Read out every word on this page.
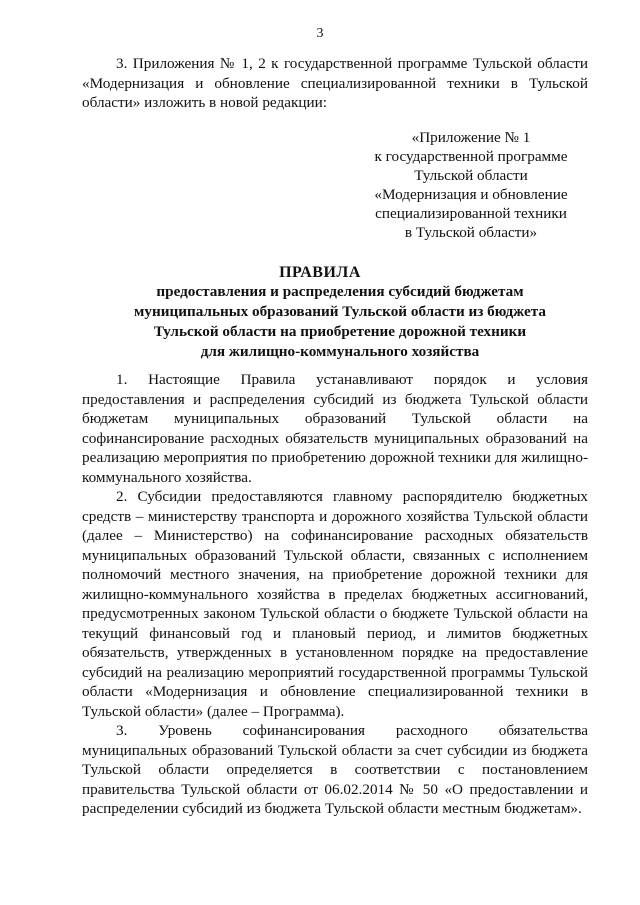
3

3. Приложения № 1, 2 к государственной программе Тульской области «Модернизация и обновление специализированной техники в Тульской области» изложить в новой редакции:

«Приложение № 1
к государственной программе
Тульской области
«Модернизация и обновление
специализированной техники
в Тульской области»
ПРАВИЛА
предоставления и распределения субсидий бюджетам
муниципальных образований Тульской области из бюджета
Тульской области на приобретение дорожной техники
для жилищно-коммунального хозяйства

1. Настоящие Правила устанавливают порядок и условия предоставления и распределения субсидий из бюджета Тульской области бюджетам муниципальных образований Тульской области на софинансирование расходных обязательств муниципальных образований на реализацию мероприятия по приобретению дорожной техники для жилищно-коммунального хозяйства.

2. Субсидии предоставляются главному распорядителю бюджетных средств – министерству транспорта и дорожного хозяйства Тульской области (далее – Министерство) на софинансирование расходных обязательств муниципальных образований Тульской области, связанных с исполнением полномочий местного значения, на приобретение дорожной техники для жилищно-коммунального хозяйства в пределах бюджетных ассигнований, предусмотренных законом Тульской области о бюджете Тульской области на текущий финансовый год и плановый период, и лимитов бюджетных обязательств, утвержденных в установленном порядке на предоставление субсидий на реализацию мероприятий государственной программы Тульской области «Модернизация и обновление специализированной техники в Тульской области» (далее – Программа).

3. Уровень софинансирования расходного обязательства муниципальных образований Тульской области за счет субсидии из бюджета Тульской области определяется в соответствии с постановлением правительства Тульской области от 06.02.2014 № 50 «О предоставлении и распределении субсидий из бюджета Тульской области местным бюджетам».
